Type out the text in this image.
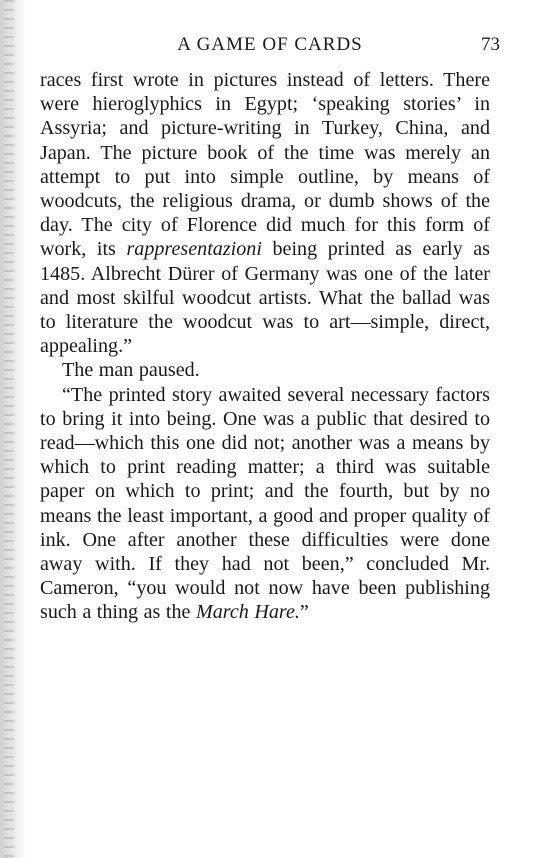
A GAME OF CARDS	73

races first wrote in pictures instead of letters. There were hieroglyphics in Egypt; ‘speaking stories’ in Assyria; and picture-writing in Turkey, China, and Japan. The picture book of the time was merely an attempt to put into simple outline, by means of woodcuts, the religious drama, or dumb shows of the day. The city of Florence did much for this form of work, its rappresentazioni being printed as early as 1485. Albrecht Dürer of Germany was one of the later and most skilful woodcut artists. What the ballad was to literature the woodcut was to art—simple, direct, appealing.”

The man paused.

“The printed story awaited several necessary factors to bring it into being. One was a public that desired to read—which this one did not; another was a means by which to print reading matter; a third was suitable paper on which to print; and the fourth, but by no means the least important, a good and proper quality of ink. One after another these difficulties were done away with. If they had not been,” concluded Mr. Cameron, “you would not now have been publishing such a thing as the March Hare.”
